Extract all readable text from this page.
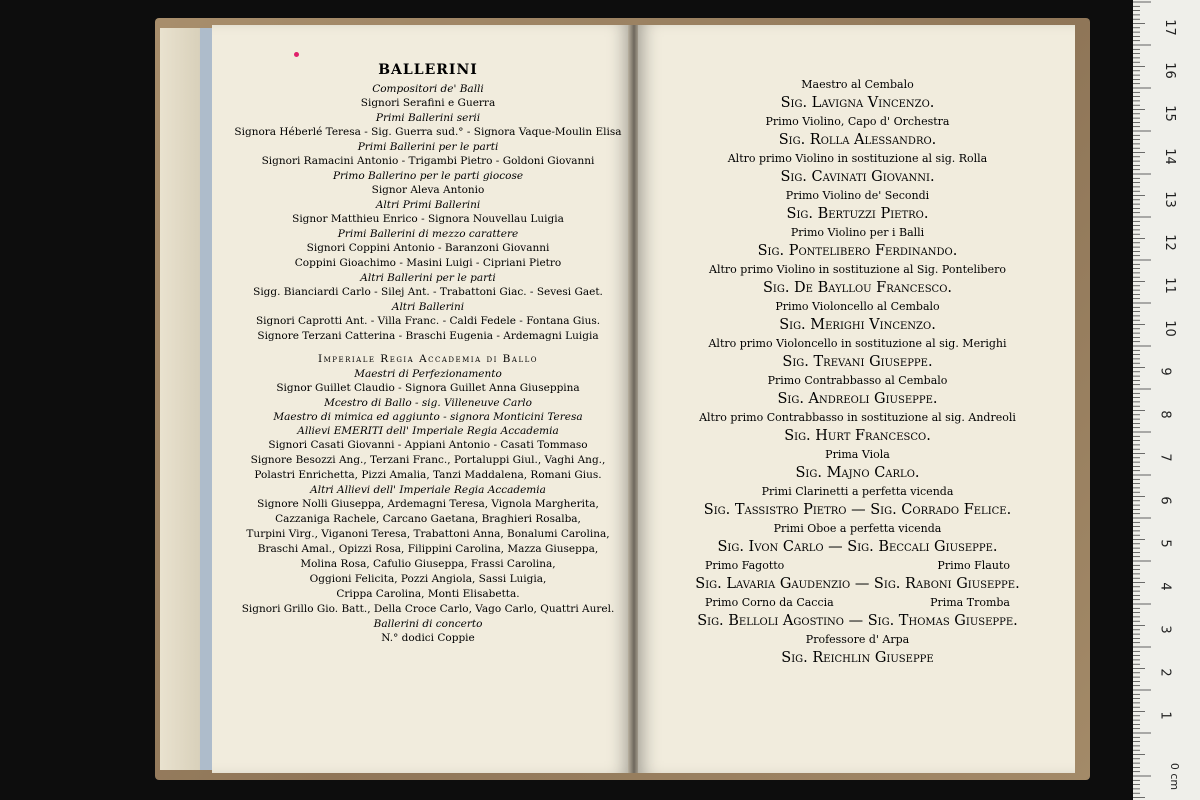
BALLERINI

Compositori de' Balli

Signori Serafini e Guerra

Primi Ballerini serii

Signora Héberlé Teresa - Sig. Guerra sud.° - Signora Vaque-Moulin Elisa

Primi Ballerini per le parti

Signori Ramacini Antonio - Trigambi Pietro - Goldoni Giovanni

Primo Ballerino per le parti giocose

Signor Aleva Antonio

Altri Primi Ballerini

Signor Matthieu Enrico - Signora Nouvellau Luigia

Primi Ballerini di mezzo carattere

Signori Coppini Antonio - Baranzoni Giovanni

Coppini Gioachimo - Masini Luigi - Cipriani Pietro

Altri Ballerini per le parti

Sigg. Bianciardi Carlo - Silej Ant. - Trabattoni Giac. - Sevesi Gaet.

Altri Ballerini

Signori Caprotti Ant. - Villa Franc. - Caldi Fedele - Fontana Gius.

Signore Terzani Catterina - Braschi Eugenia - Ardemagni Luigia

Imperiale Regia Accademia di Ballo

Maestri di Perfezionamento

Signor Guillet Claudio - Signora Guillet Anna Giuseppina

Mcestro di Ballo - sig. Villeneuve Carlo

Maestro di mimica ed aggiunto - signora Monticini Teresa

Allievi EMERITI dell' Imperiale Regia Accademia

Signori Casati Giovanni - Appiani Antonio - Casati Tommaso

Signore Besozzi Ang., Terzani Franc., Portaluppi Giul., Vaghi Ang.,

Polastri Enrichetta, Pizzi Amalia, Tanzi Maddalena, Romani Gius.

Altri Allievi dell' Imperiale Regia Accademia

Signore Nolli Giuseppa, Ardemagni Teresa, Vignola Margherita,

Cazzaniga Rachele, Carcano Gaetana, Braghieri Rosalba,

Turpini Virg., Viganoni Teresa, Trabattoni Anna, Bonalumi Carolina,

Braschi Amal., Opizzi Rosa, Filippini Carolina, Mazza Giuseppa,

Molina Rosa, Cafulio Giuseppa, Frassi Carolina,

Oggioni Felicita, Pozzi Angiola, Sassi Luigia,

Crippa Carolina, Monti Elisabetta.

Signori Grillo Gio. Batt., Della Croce Carlo, Vago Carlo, Quattri Aurel.

Ballerini di concerto

N.° dodici Coppie

Maestro al Cembalo

Sig. Lavigna Vincenzo.

Primo Violino, Capo d' Orchestra

Sig. Rolla Alessandro.

Altro primo Violino in sostituzione al sig. Rolla

Sig. Cavinati Giovanni.

Primo Violino de' Secondi

Sig. Bertuzzi Pietro.

Primo Violino per i Balli

Sig. Pontelibero Ferdinando.

Altro primo Violino in sostituzione al Sig. Pontelibero

Sig. De Bayllou Francesco.

Primo Violoncello al Cembalo

Sig. Merighi Vincenzo.

Altro primo Violoncello in sostituzione al sig. Merighi

Sig. Trevani Giuseppe.

Primo Contrabbasso al Cembalo

Sig. Andreoli Giuseppe.

Altro primo Contrabbasso in sostituzione al sig. Andreoli

Sig. Hurt Francesco.

Prima Viola

Sig. Majno Carlo.

Primi Clarinetti a perfetta vicenda

Sig. Tassistro Pietro — Sig. Corrado Felice.

Primi Oboe a perfetta vicenda

Sig. Ivon Carlo — Sig. Beccali Giuseppe.

Primo Fagotto	Primo Flauto

Sig. Lavaria Gaudenzio — Sig. Raboni Giuseppe.

Primo Corno da Caccia	Prima Tromba

Sig. Belloli Agostino — Sig. Thomas Giuseppe.

Professore d' Arpa

Sig. Reichlin Giuseppe

17
16
15
14
13
12
11
10
9
8
7
6
5
4
3
2
1
0 cm
